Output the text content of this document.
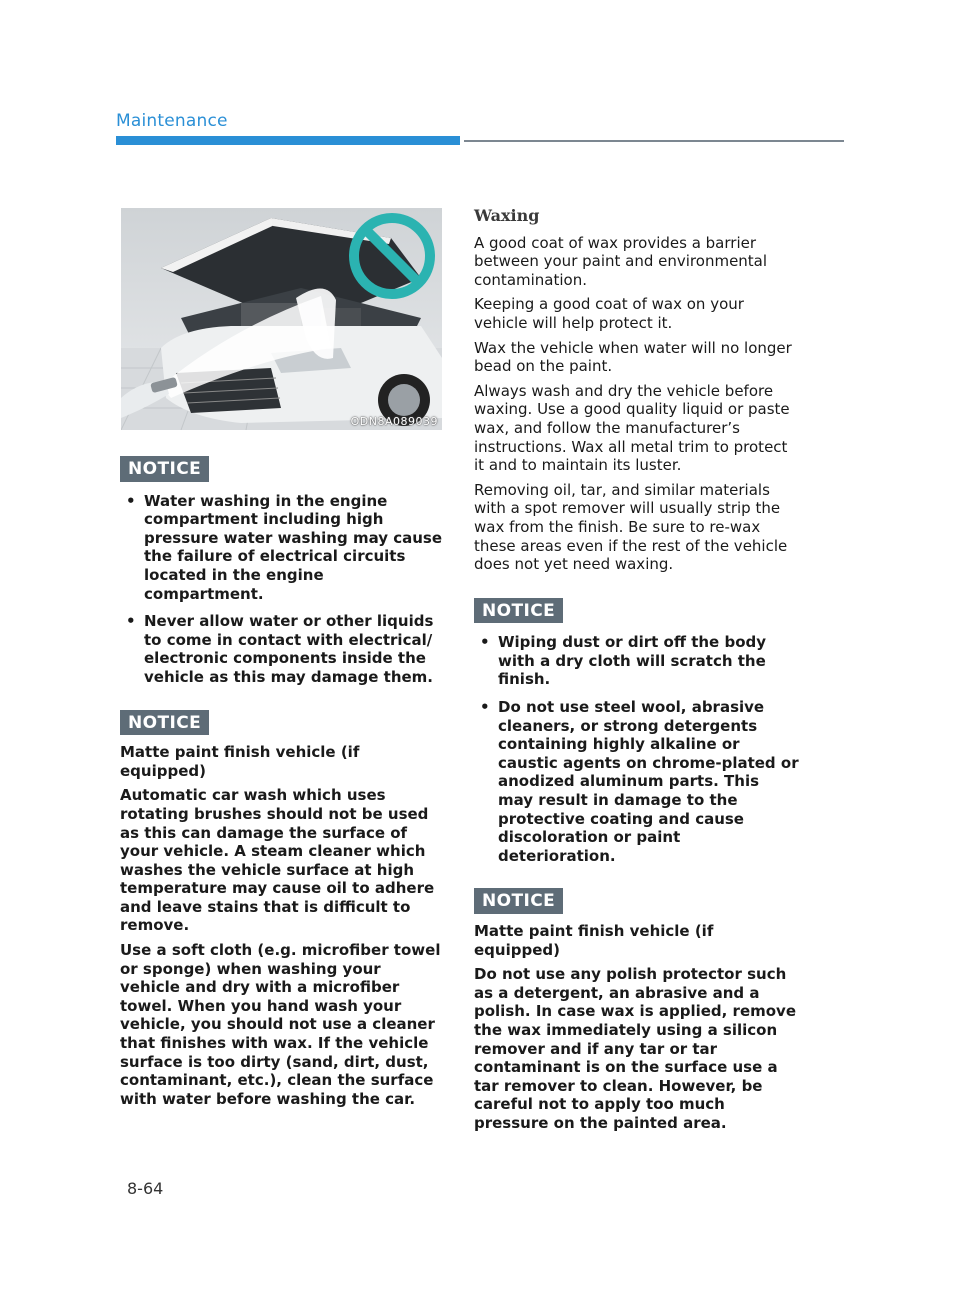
Maintenance
ODN8A089039
NOTICE
• Water washing in the engine compartment including high pressure water washing may cause the failure of electrical circuits located in the engine compartment.
• Never allow water or other liquids to come in contact with electrical/ electronic components inside the vehicle as this may damage them.
NOTICE

Matte paint finish vehicle (if equipped)

Automatic car wash which uses rotating brushes should not be used as this can damage the surface of your vehicle. A steam cleaner which washes the vehicle surface at high temperature may cause oil to adhere and leave stains that is difficult to remove.

Use a soft cloth (e.g. microfiber towel or sponge) when washing your vehicle and dry with a microfiber towel. When you hand wash your vehicle, you should not use a cleaner that finishes with wax. If the vehicle surface is too dirty (sand, dirt, dust, contaminant, etc.), clean the surface with water before washing the car.

Waxing

A good coat of wax provides a barrier between your paint and environmental contamination.

Keeping a good coat of wax on your vehicle will help protect it.

Wax the vehicle when water will no longer bead on the paint.

Always wash and dry the vehicle before waxing. Use a good quality liquid or paste wax, and follow the manufacturer’s instructions. Wax all metal trim to protect it and to maintain its luster.

Removing oil, tar, and similar materials with a spot remover will usually strip the wax from the finish. Be sure to re-wax these areas even if the rest of the vehicle does not yet need waxing.

NOTICE
• Wiping dust or dirt off the body with a dry cloth will scratch the finish.
• Do not use steel wool, abrasive cleaners, or strong detergents containing highly alkaline or caustic agents on chrome-plated or anodized aluminum parts. This may result in damage to the protective coating and cause discoloration or paint deterioration.
NOTICE

Matte paint finish vehicle (if equipped)

Do not use any polish protector such as a detergent, an abrasive and a polish. In case wax is applied, remove the wax immediately using a silicon remover and if any tar or tar contaminant is on the surface use a tar remover to clean. However, be careful not to apply too much pressure on the painted area.

8-64
